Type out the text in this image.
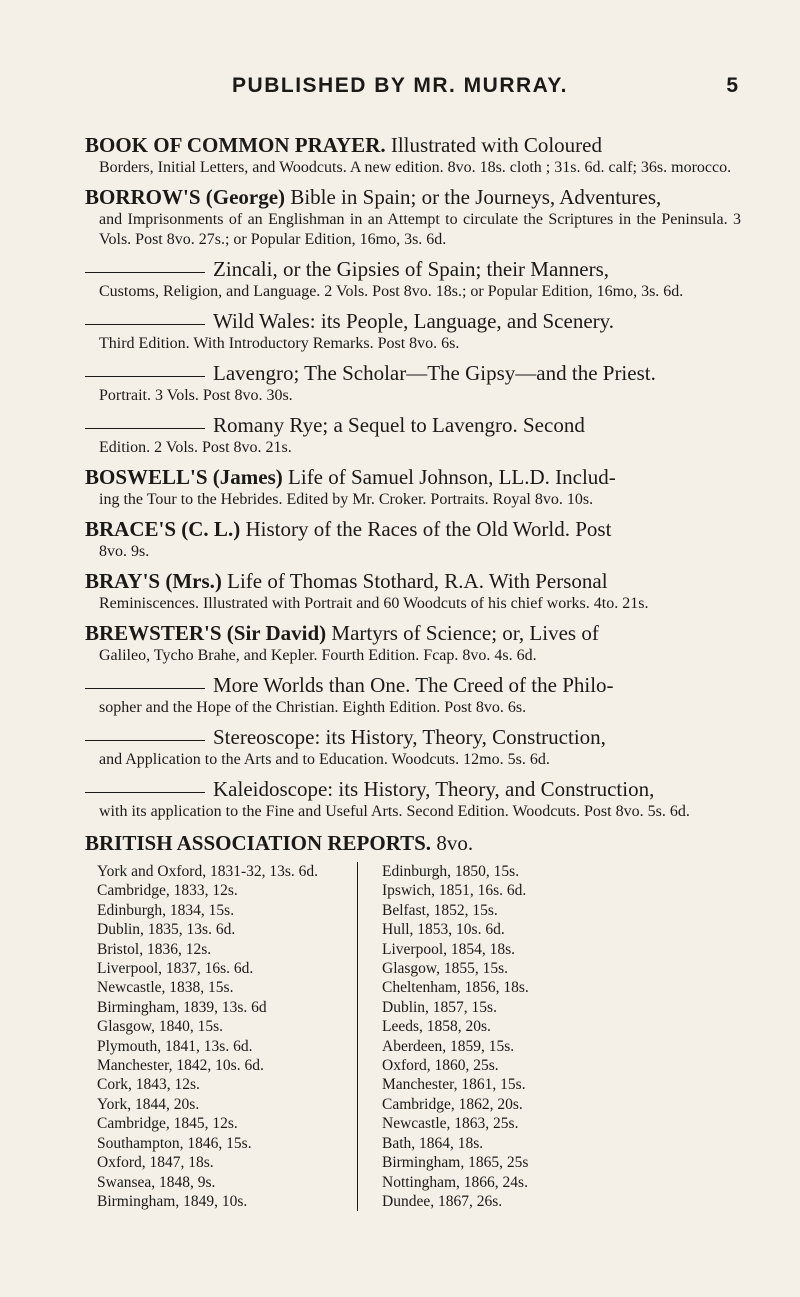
PUBLISHED BY MR. MURRAY.	5

BOOK OF COMMON PRAYER. Illustrated with Coloured

Borders, Initial Letters, and Woodcuts. A new edition. 8vo. 18s. cloth ; 31s. 6d. calf; 36s. morocco.

BORROW'S (George) Bible in Spain; or the Journeys, Adventures,

and Imprisonments of an Englishman in an Attempt to circulate the Scriptures in the Peninsula. 3 Vols. Post 8vo. 27s.; or Popular Edition, 16mo, 3s. 6d.

Zincali, or the Gipsies of Spain; their Manners,

Customs, Religion, and Language. 2 Vols. Post 8vo. 18s.; or Popular Edition, 16mo, 3s. 6d.

Wild Wales: its People, Language, and Scenery.

Third Edition. With Introductory Remarks. Post 8vo. 6s.

Lavengro; The Scholar—The Gipsy—and the Priest.

Portrait. 3 Vols. Post 8vo. 30s.

Romany Rye; a Sequel to Lavengro. Second

Edition. 2 Vols. Post 8vo. 21s.

BOSWELL'S (James) Life of Samuel Johnson, LL.D. Includ-

ing the Tour to the Hebrides. Edited by Mr. Croker. Portraits. Royal 8vo. 10s.

BRACE'S (C. L.) History of the Races of the Old World. Post

8vo. 9s.

BRAY'S (Mrs.) Life of Thomas Stothard, R.A. With Personal

Reminiscences. Illustrated with Portrait and 60 Woodcuts of his chief works. 4to. 21s.

BREWSTER'S (Sir David) Martyrs of Science; or, Lives of

Galileo, Tycho Brahe, and Kepler. Fourth Edition. Fcap. 8vo. 4s. 6d.

More Worlds than One. The Creed of the Philo-

sopher and the Hope of the Christian. Eighth Edition. Post 8vo. 6s.

Stereoscope: its History, Theory, Construction,

and Application to the Arts and to Education. Woodcuts. 12mo. 5s. 6d.

Kaleidoscope: its History, Theory, and Construction,

with its application to the Fine and Useful Arts. Second Edition. Woodcuts. Post 8vo. 5s. 6d.

BRITISH ASSOCIATION REPORTS. 8vo.
York and Oxford, 1831-32, 13s. 6d.
Cambridge, 1833, 12s.
Edinburgh, 1834, 15s.
Dublin, 1835, 13s. 6d.
Bristol, 1836, 12s.
Liverpool, 1837, 16s. 6d.
Newcastle, 1838, 15s.
Birmingham, 1839, 13s. 6d
Glasgow, 1840, 15s.
Plymouth, 1841, 13s. 6d.
Manchester, 1842, 10s. 6d.
Cork, 1843, 12s.
York, 1844, 20s.
Cambridge, 1845, 12s.
Southampton, 1846, 15s.
Oxford, 1847, 18s.
Swansea, 1848, 9s.
Birmingham, 1849, 10s.
Edinburgh, 1850, 15s.
Ipswich, 1851, 16s. 6d.
Belfast, 1852, 15s.
Hull, 1853, 10s. 6d.
Liverpool, 1854, 18s.
Glasgow, 1855, 15s.
Cheltenham, 1856, 18s.
Dublin, 1857, 15s.
Leeds, 1858, 20s.
Aberdeen, 1859, 15s.
Oxford, 1860, 25s.
Manchester, 1861, 15s.
Cambridge, 1862, 20s.
Newcastle, 1863, 25s.
Bath, 1864, 18s.
Birmingham, 1865, 25s
Nottingham, 1866, 24s.
Dundee, 1867, 26s.
